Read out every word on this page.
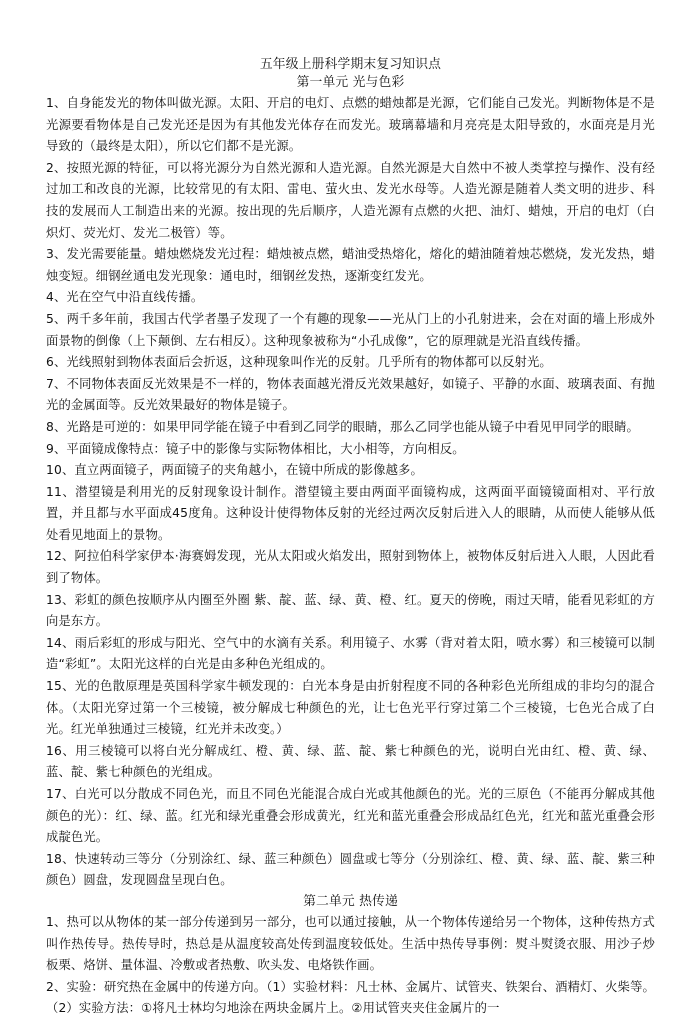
五年级上册科学期末复习知识点

第一单元 光与色彩

1、自身能发光的物体叫做光源。太阳、开启的电灯、点燃的蜡烛都是光源，它们能自己发光。判断物体是不是光源要看物体是自己发光还是因为有其他发光体存在而发光。玻璃幕墙和月亮亮是太阳导致的，水面亮是月光导致的（最终是太阳），所以它们都不是光源。

2、按照光源的特征，可以将光源分为自然光源和人造光源。自然光源是大自然中不被人类掌控与操作、没有经过加工和改良的光源，比较常见的有太阳、雷电、萤火虫、发光水母等。人造光源是随着人类文明的进步、科技的发展而人工制造出来的光源。按出现的先后顺序，人造光源有点燃的火把、油灯、蜡烛，开启的电灯（白炽灯、荧光灯、发光二极管）等。

3、发光需要能量。蜡烛燃烧发光过程：蜡烛被点燃，蜡油受热熔化，熔化的蜡油随着烛芯燃烧，发光发热，蜡烛变短。细钢丝通电发光现象：通电时，细钢丝发热，逐渐变红发光。

4、光在空气中沿直线传播。

5、两千多年前，我国古代学者墨子发现了一个有趣的现象——光从门上的小孔射进来，会在对面的墙上形成外面景物的倒像（上下颠倒、左右相反）。这种现象被称为“小孔成像”，它的原理就是光沿直线传播。

6、光线照射到物体表面后会折返，这种现象叫作光的反射。几乎所有的物体都可以反射光。

7、不同物体表面反光效果是不一样的，物体表面越光滑反光效果越好，如镜子、平静的水面、玻璃表面、有抛光的金属面等。反光效果最好的物体是镜子。

8、光路是可逆的：如果甲同学能在镜子中看到乙同学的眼睛，那么乙同学也能从镜子中看见甲同学的眼睛。

9、平面镜成像特点：镜子中的影像与实际物体相比，大小相等，方向相反。

10、直立两面镜子，两面镜子的夹角越小，在镜中所成的影像越多。

11、潜望镜是利用光的反射现象设计制作。潜望镜主要由两面平面镜构成，这两面平面镜镜面相对、平行放置，并且都与水平面成45度角。这种设计使得物体反射的光经过两次反射后进入人的眼睛，从而使人能够从低处看见地面上的景物。

12、阿拉伯科学家伊本·海赛姆发现，光从太阳或火焰发出，照射到物体上，被物体反射后进入人眼，人因此看到了物体。

13、彩虹的颜色按顺序从内圈至外圈 紫、靛、蓝、绿、黄、橙、红。夏天的傍晚，雨过天晴，能看见彩虹的方向是东方。

14、雨后彩虹的形成与阳光、空气中的水滴有关系。利用镜子、水雾（背对着太阳，喷水雾）和三棱镜可以制造“彩虹”。太阳光这样的白光是由多种色光组成的。

15、光的色散原理是英国科学家牛顿发现的：白光本身是由折射程度不同的各种彩色光所组成的非均匀的混合体。（太阳光穿过第一个三棱镜，被分解成七种颜色的光，让七色光平行穿过第二个三棱镜，七色光合成了白光。红光单独通过三棱镜，红光并未改变。）

16、用三棱镜可以将白光分解成红、橙、黄、绿、蓝、靛、紫七种颜色的光，说明白光由红、橙、黄、绿、蓝、靛、紫七种颜色的光组成。

17、白光可以分散成不同色光，而且不同色光能混合成白光或其他颜色的光。光的三原色（不能再分解成其他颜色的光）：红、绿、蓝。红光和绿光重叠会形成黄光，红光和蓝光重叠会形成品红色光，红光和蓝光重叠会形成靛色光。

18、快速转动三等分（分别涂红、绿、蓝三种颜色）圆盘或七等分（分别涂红、橙、黄、绿、蓝、靛、紫三种颜色）圆盘，发现圆盘呈现白色。

第二单元 热传递

1、热可以从物体的某一部分传递到另一部分，也可以通过接触，从一个物体传递给另一个物体，这种传热方式叫作热传导。热传导时，热总是从温度较高处传到温度较低处。生活中热传导事例：熨斗熨烫衣服、用沙子炒板栗、烙饼、量体温、冷敷或者热敷、吹头发、电烙铁作画。

2、实验：研究热在金属中的传递方向。（1）实验材料：凡士林、金属片、试管夹、铁架台、酒精灯、火柴等。（2）实验方法：①将凡士林均匀地涂在两块金属片上。②用试管夹夹住金属片的一
